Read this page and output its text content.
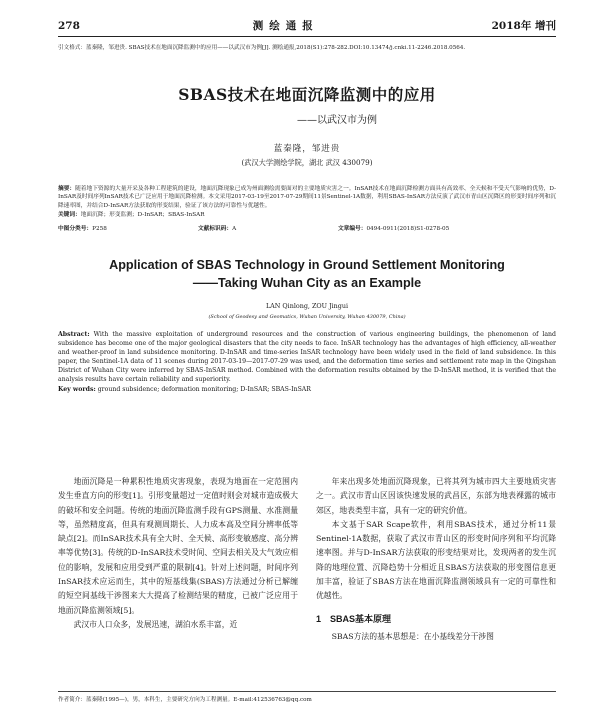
278	测绘通报	2018年 增刊
引文格式：蓝秦隆，邹进贵. SBAS技术在地面沉降监测中的应用——以武汉市为例[J]. 测绘通报,2018(S1):278-282.DOI:10.13474/j.cnki.11-2246.2018.0564.
SBAS技术在地面沉降监测中的应用
——以武汉市为例
蓝秦隆，邹进贵
(武汉大学测绘学院，湖北 武汉 430079)
摘要：随着地下资源的大量开采及各种工程建筑的建设，地面沉降现象已成为州面测绘需要面对的主要地质灾害之一。InSAR技术在地面沉降检测方面具有高效率、全天候和不受天气影响的优势，D-InSAR及时间序列InSAR技术已广泛应用于地面沉降检测。本文采用2017-03-19至2017-07-29期间11景Sentinel-1A数据，利用SBAS-InSAR方法反演了武汉市青山区沉降区的形变时间序列和沉降速率图，并结合D-InSAR方法获取的形变结果，验证了该方法的可靠性与优越性。
关键词：地面沉降；形变监测；D-InSAR；SBAS-InSAR
中图分类号：P258	文献标识码：A	文章编号：0494-0911(2018)S1-0278-05
Application of SBAS Technology in Ground Settlement Monitoring
——Taking Wuhan City as an Example
LAN Qinlong, ZOU Jingui
(School of Geodesy and Geomatics, Wuhan University, Wuhan 430079, China)
Abstract: With the massive exploitation of underground resources and the construction of various engineering buildings, the phenomenon of land subsidence has become one of the major geological disasters that the city needs to face. InSAR technology has the advantages of high efficiency, all-weather and weather-proof in land subsidence monitoring. D-InSAR and time-series InSAR technology have been widely used in the field of land subsidence. In this paper, the Sentinel-1A data of 11 scenes during 2017-03-19—2017-07-29 was used, and the deformation time series and settlement rate map in the Qingshan District of Wuhan City were inferred by SBAS-InSAR method. Combined with the deformation results obtained by the D-InSAR method, it is verified that the analysis results have certain reliability and superiority.
Key words: ground subsidence; deformation monitoring; D-InSAR; SBAS-InSAR

地面沉降是一种累积性地质灾害现象，表现为地面在一定范围内发生垂直方向的形变[1]。引形变量超过一定值时则会对城市造成极大的破坏和安全问题。传统的地面沉降监测手段有GPS测量、水准测量等，虽然精度高，但具有观测周期长、人力成本高及空间分辨率低等缺点[2]。而InSAR技术具有全大时、全天候、高形变敏感度、高分辨率等优势[3]。传统的D-InSAR技术受时间、空间去相关及大气效应相位的影响，发展和应用受到严重的限制[4]。针对上述问题，时间序列InSAR技术应运而生，其中的短基线集(SBAS)方法通过分析已解缠的短空间基线干涉图来大大提高了检测结果的精度，已被广泛应用于地面沉降监测领域[5]。

武汉市人口众多，发展迅速，湖泊水系丰富，近

年来出现多处地面沉降现象，已将其列为城市四大主要地质灾害之一。武汉市青山区因该快速发展的武昌区，东部为地表裸露的城市郊区，地表类型丰富，具有一定的研究价值。

本文基于SAR Scape软件，利用SBAS技术，通过分析11景Sentinel-1A数据，获取了武汉市青山区的形变时间序列和平均沉降速率图。并与D-InSAR方法获取的形变结果对比，发现两者的发生沉降的地理位置、沉降趋势十分相近且SBAS方法获取的形变图信息更加丰富，验证了SBAS方法在地面沉降监测领域具有一定的可靠性和优越性。

1　SBAS基本原理

SBAS方法的基本思想是：在小基线差分干涉图

作者简介：蓝秦隆(1995—)，男，本科生，主要研究方向为工程测量。E-mail:412536763@qq.com
